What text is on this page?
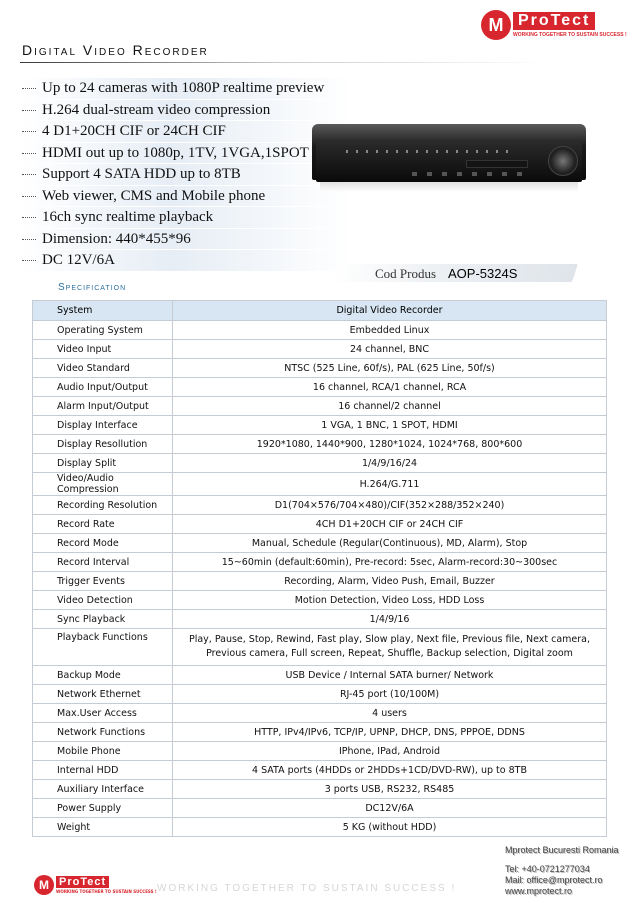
M ProTect
WORKING TOGETHER TO SUSTAIN SUCCESS !
Digital Video Recorder
Up to 24 cameras with 1080P realtime preview
H.264 dual-stream video compression
4 D1+20CH CIF or 24CH CIF
HDMI out up to 1080p, 1TV, 1VGA,1SPOT
Support 4 SATA HDD up to 8TB
Web viewer, CMS and Mobile phone
16ch sync realtime playback
Dimension: 440*455*96
DC 12V/6A
Cod Produs AOP-5324S
Specification
System	Digital Video Recorder
Operating System	Embedded Linux
Video Input	24 channel, BNC
Video Standard	NTSC (525 Line, 60f/s), PAL (625 Line, 50f/s)
Audio Input/Output	16 channel, RCA/1 channel, RCA
Alarm Input/Output	16 channel/2 channel
Display Interface	1 VGA, 1 BNC, 1 SPOT, HDMI
Display Resollution	1920*1080, 1440*900, 1280*1024, 1024*768, 800*600
Display Split	1/4/9/16/24
Video/Audio Compression	H.264/G.711
Recording Resolution	D1(704×576/704×480)/CIF(352×288/352×240)
Record Rate	4CH D1+20CH CIF or 24CH CIF
Record Mode	Manual, Schedule (Regular(Continuous), MD, Alarm), Stop
Record Interval	15~60min (default:60min), Pre-record: 5sec, Alarm-record:30~300sec
Trigger Events	Recording, Alarm, Video Push, Email, Buzzer
Video Detection	Motion Detection, Video Loss, HDD Loss
Sync Playback	1/4/9/16
Playback Functions	Play, Pause, Stop, Rewind, Fast play, Slow play, Next file, Previous file, Next camera,
Previous camera, Full screen, Repeat, Shuffle, Backup selection, Digital zoom

Backup Mode	USB Device / Internal SATA burner/ Network
Network Ethernet	RJ-45 port (10/100M)
Max.User Access	4 users
Network Functions	HTTP, IPv4/IPv6, TCP/IP, UPNP, DHCP, DNS, PPPOE, DDNS
Mobile Phone	IPhone, IPad, Android
Internal HDD	4 SATA ports (4HDDs or 2HDDs+1CD/DVD-RW), up to 8TB
Auxiliary Interface	3 ports USB, RS232, RS485
Power Supply	DC12V/6A
Weight	5 KG (without HDD)
M ProTect
WORKING TOGETHER TO SUSTAIN SUCCESS ! WORKING TOGETHER TO SUSTAIN SUCCESS !
Mprotect Bucuresti Romania
Tel: +40-0721277034
Mail: office@mprotect.ro
www.mprotect.ro
